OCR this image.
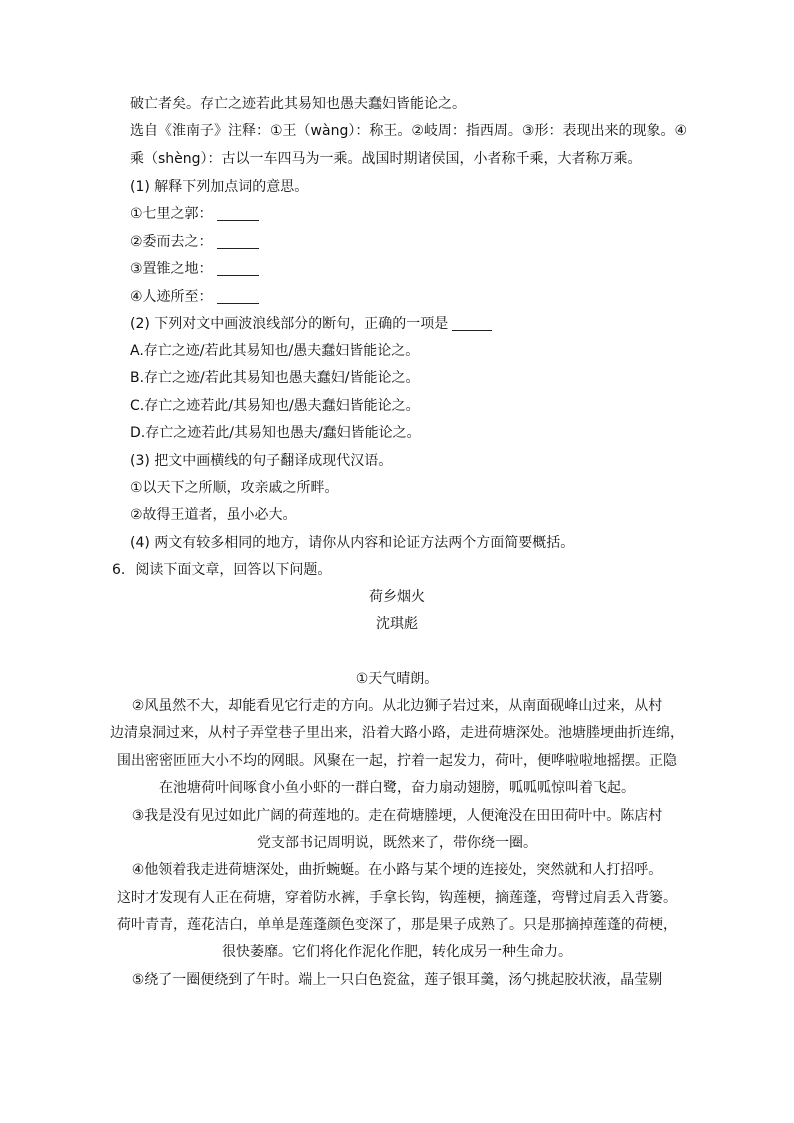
破亡者矣。存亡之迹若此其易知也愚夫蠢妇皆能论之。
选自《淮南子》注释：①王（wàng）：称王。②岐周：指西周。③形：表现出来的现象。④
乘（shèng）：古以一车四马为一乘。战国时期诸侯国，小者称千乘，大者称万乘。
(1) 解释下列加点词的意思。
①七里之郭：
②委而去之：
③置锥之地：
④人迹所至：
(2) 下列对文中画波浪线部分的断句，正确的一项是
A.存亡之迹/若此其易知也/愚夫蠢妇皆能论之。
B.存亡之迹/若此其易知也愚夫蠢妇/皆能论之。
C.存亡之迹若此/其易知也/愚夫蠢妇皆能论之。
D.存亡之迹若此/其易知也愚夫/蠢妇皆能论之。
(3) 把文中画横线的句子翻译成现代汉语。
①以天下之所顺，攻亲戚之所畔。
②故得王道者，虽小必大。
(4) 两文有较多相同的地方，请你从内容和论证方法两个方面简要概括。
6. 阅读下面文章，回答以下问题。
荷乡烟火
沈琪彪
①天气晴朗。
②风虽然不大，却能看见它行走的方向。从北边狮子岩过来，从南面砚峰山过来，从村
边清泉洞过来，从村子弄堂巷子里出来，沿着大路小路，走进荷塘深处。池塘塍埂曲折连绵，
围出密密匝匝大小不均的网眼。风聚在一起，拧着一起发力，荷叶，便哗啦啦地摇摆。正隐
在池塘荷叶间啄食小鱼小虾的一群白鹭，奋力扇动翅膀，呱呱呱惊叫着飞起。
③我是没有见过如此广阔的荷莲地的。走在荷塘塍埂，人便淹没在田田荷叶中。陈店村
党支部书记周明说，既然来了，带你绕一圈。
④他领着我走进荷塘深处，曲折蜿蜒。在小路与某个埂的连接处，突然就和人打招呼。
这时才发现有人正在荷塘，穿着防水裤，手拿长钩，钩莲梗，摘莲蓬，弯臂过肩丢入背篓。
荷叶青青，莲花洁白，单单是莲蓬颜色变深了，那是果子成熟了。只是那摘掉莲蓬的荷梗，
很快萎靡。它们将化作泥化作肥，转化成另一种生命力。
⑤绕了一圈便绕到了午时。端上一只白色瓷盆，莲子银耳羹，汤勺挑起胶状液，晶莹剔
